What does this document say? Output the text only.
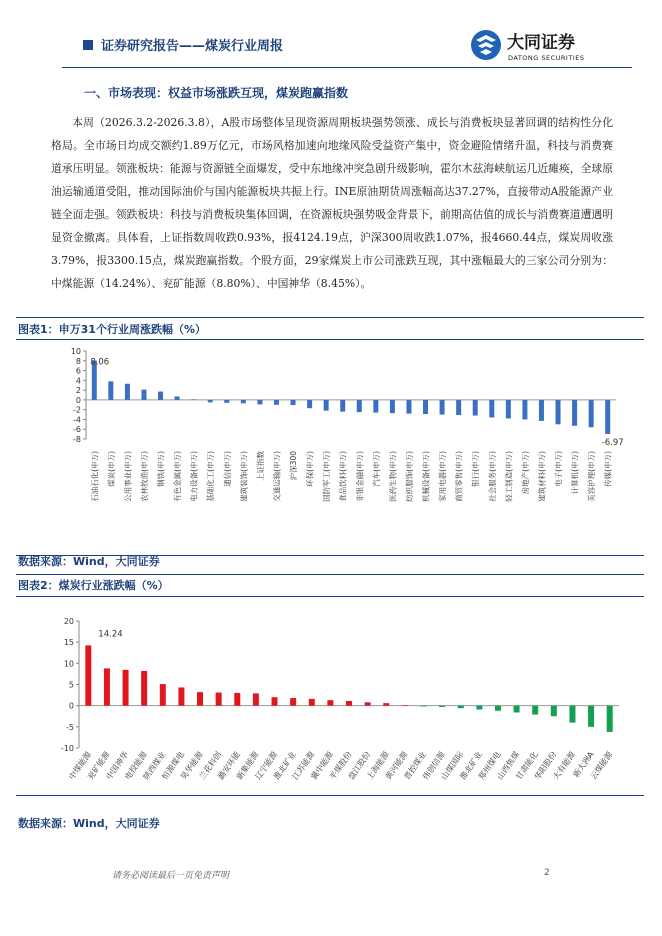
证券研究报告——煤炭行业周报	大同证券
DATONG SECURITIES
一、市场表现：权益市场涨跌互现，煤炭跑赢指数
本周（2026.3.2-2026.3.8），A股市场整体呈现资源周期板块强势领涨、成长与消费板块显著回调的结构性分化格局。全市场日均成交额约1.89万亿元，市场风格加速向地缘风险受益资产集中，资金避险情绪升温，科技与消费赛道承压明显。领涨板块：能源与资源链全面爆发，受中东地缘冲突急剧升级影响，霍尔木兹海峡航运几近瘫痪，全球原油运输通道受阻，推动国际油价与国内能源板块共振上行。INE原油期货周涨幅高达37.27%，直接带动A股能源产业链全面走强。领跌板块：科技与消费板块集体回调，在资源板块强势吸金背景下，前期高估值的成长与消费赛道遭遇明显资金撤离。具体看，上证指数周收跌0.93%，报4124.19点，沪深300周收跌1.07%，报4660.44点，煤炭周收涨3.79%，报3300.15点，煤炭跑赢指数。个股方面，29家煤炭上市公司涨跌互现，其中涨幅最大的三家公司分别为：中煤能源（14.24%）、兖矿能源（8.80%）、中国神华（8.45%）。
图表1：申万31个行业周涨跌幅（%）
10
8
6
4
2
0
-2
-4
-6
-8
石油石化(申万) 煤炭(申万) 公用事业(申万) 农林牧渔(申万) 钢铁(申万) 有色金属(申万) 电力设备(申万) 基础化工(申万) 通信(申万) 建筑装饰(申万) 上证指数 交通运输(申万) 沪深300 环保(申万) 国防军工(申万) 食品饮料(申万) 非银金融(申万) 汽车(申万) 医药生物(申万) 纺织服饰(申万) 机械设备(申万) 家用电器(申万) 商贸零售(申万) 银行(申万) 社会服务(申万) 轻工制造(申万) 房地产(申万) 建筑材料(申万) 电子(申万) 计算机(申万) 美容护理(申万) 传媒(申万)
8.06
-6.97
数据来源：Wind，大同证券
图表2：煤炭行业涨跌幅（%）
20
15
10
5
0
-5
-10
中煤能源
兖矿能源
中国神华
电投能源
陕西煤业
恒源煤电
昊华能源
兰花科创
潞安环能
新集能源
辽宁能源
淮北矿业
江苏能源
冀中能源
平煤股份
盘江股份
上海能源
黄河能源
晋控煤业
伟创信源
山煤国际
淮北矿业
郑州煤电
山西焦煤
甘肃能化
华阳股份
大有能源
新大洲A
云煤能源
14.24
数据来源：Wind，大同证券
请务必阅读最后一页免责声明	2
